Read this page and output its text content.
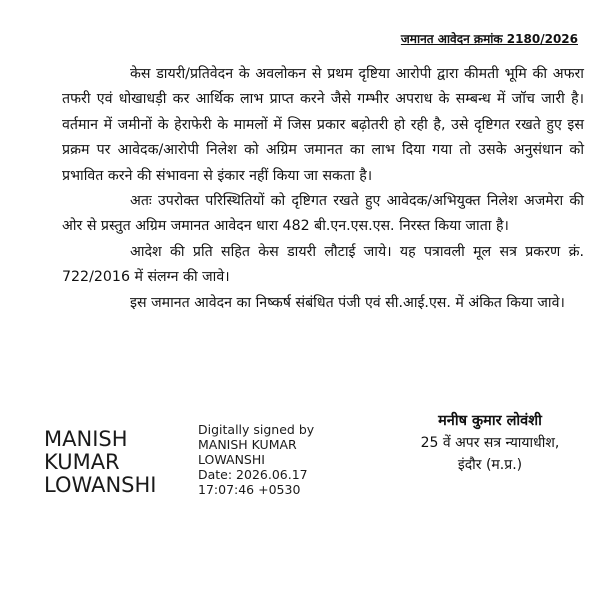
जमानत आवेदन क्रमांक 2180/2026

केस डायरी/प्रतिवेदन के अवलोकन से प्रथम दृष्टिया आरोपी द्वारा कीमती भूमि की अफरा तफरी एवं धोखाधड़ी कर आर्थिक लाभ प्राप्त करने जैसे गम्भीर अपराध के सम्बन्ध में जॉच जारी है। वर्तमान में जमीनों के हेराफेरी के मामलों में जिस प्रकार बढ़ोतरी हो रही है, उसे दृष्टिगत रखते हुए इस प्रक्रम पर आवेदक/आरोपी निलेश को अग्रिम जमानत का लाभ दिया गया तो उसके अनुसंधान को प्रभावित करने की संभावना से इंकार नहीं किया जा सकता है।

अतः उपरोक्त परिस्थितियों को दृष्टिगत रखते हुए आवेदक/अभियुक्त निलेश अजमेरा की ओर से प्रस्तुत अग्रिम जमानत आवेदन धारा 482 बी.एन.एस.एस. निरस्त किया जाता है।

आदेश की प्रति सहित केस डायरी लौटाई जाये। यह पत्रावली मूल सत्र प्रकरण क्रं. 722/2016 में संलग्न की जावे।

इस जमानत आवेदन का निष्कर्ष संबंधित पंजी एवं सी.आई.एस. में अंकित किया जावे।

MANISH
KUMAR
LOWANSHI
Digitally signed by
MANISH KUMAR
LOWANSHI
Date: 2026.06.17
17:07:46 +0530
मनीष कुमार लोवंशी
25 वें अपर सत्र न्यायाधीश,
इंदौर (म.प्र.)
